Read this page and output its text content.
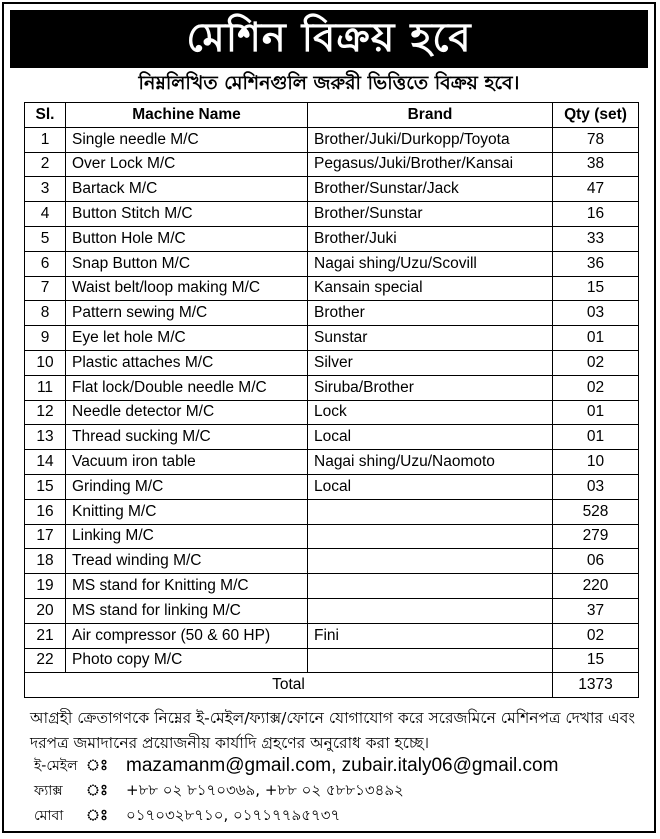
মেশিন বিক্রয় হবে
নিম্নলিখিত মেশিনগুলি জরুরী ভিত্তিতে বিক্রয় হবে।
Sl.	Machine Name	Brand	Qty (set)
1	Single needle M/C	Brother/Juki/Durkopp/Toyota	78
2	Over Lock M/C	Pegasus/Juki/Brother/Kansai	38
3	Bartack M/C	Brother/Sunstar/Jack	47
4	Button Stitch M/C	Brother/Sunstar	16
5	Button Hole M/C	Brother/Juki	33
6	Snap Button M/C	Nagai shing/Uzu/Scovill	36
7	Waist belt/loop making M/C	Kansain special	15
8	Pattern sewing M/C	Brother	03
9	Eye let hole M/C	Sunstar	01
10	Plastic attaches M/C	Silver	02
11	Flat lock/Double needle M/C	Siruba/Brother	02
12	Needle detector M/C	Lock	01
13	Thread sucking M/C	Local	01
14	Vacuum iron table	Nagai shing/Uzu/Naomoto	10
15	Grinding M/C	Local	03
16	Knitting M/C		528
17	Linking M/C		279
18	Tread winding M/C		06
19	MS stand for Knitting M/C		220
20	MS stand for linking M/C		37
21	Air compressor (50 & 60 HP)	Fini	02
22	Photo copy M/C		15
Total			1373
আগ্রহী ক্রেতাগণকে নিম্নের ই-মেইল/ফ্যাক্স/ফোনে যোগাযোগ করে সরেজমিনে মেশিনপত্র দেখার এবং দরপত্র জমাদানের প্রয়োজনীয় কার্যাদি গ্রহণের অনুরোধ করা হচ্ছে।
ই-মেইল ঃ mazamanm@gmail.com, zubair.italy06@gmail.com
ফ্যাক্স	ঃ	+৮৮ ০২ ৮১৭০৩৬৯, +৮৮ ০২ ৫৮৮১৩৪৯২
মোবা	ঃ	০১৭০৩২৮৭১০, ০১৭১৭৭৯৫৭৩৭
